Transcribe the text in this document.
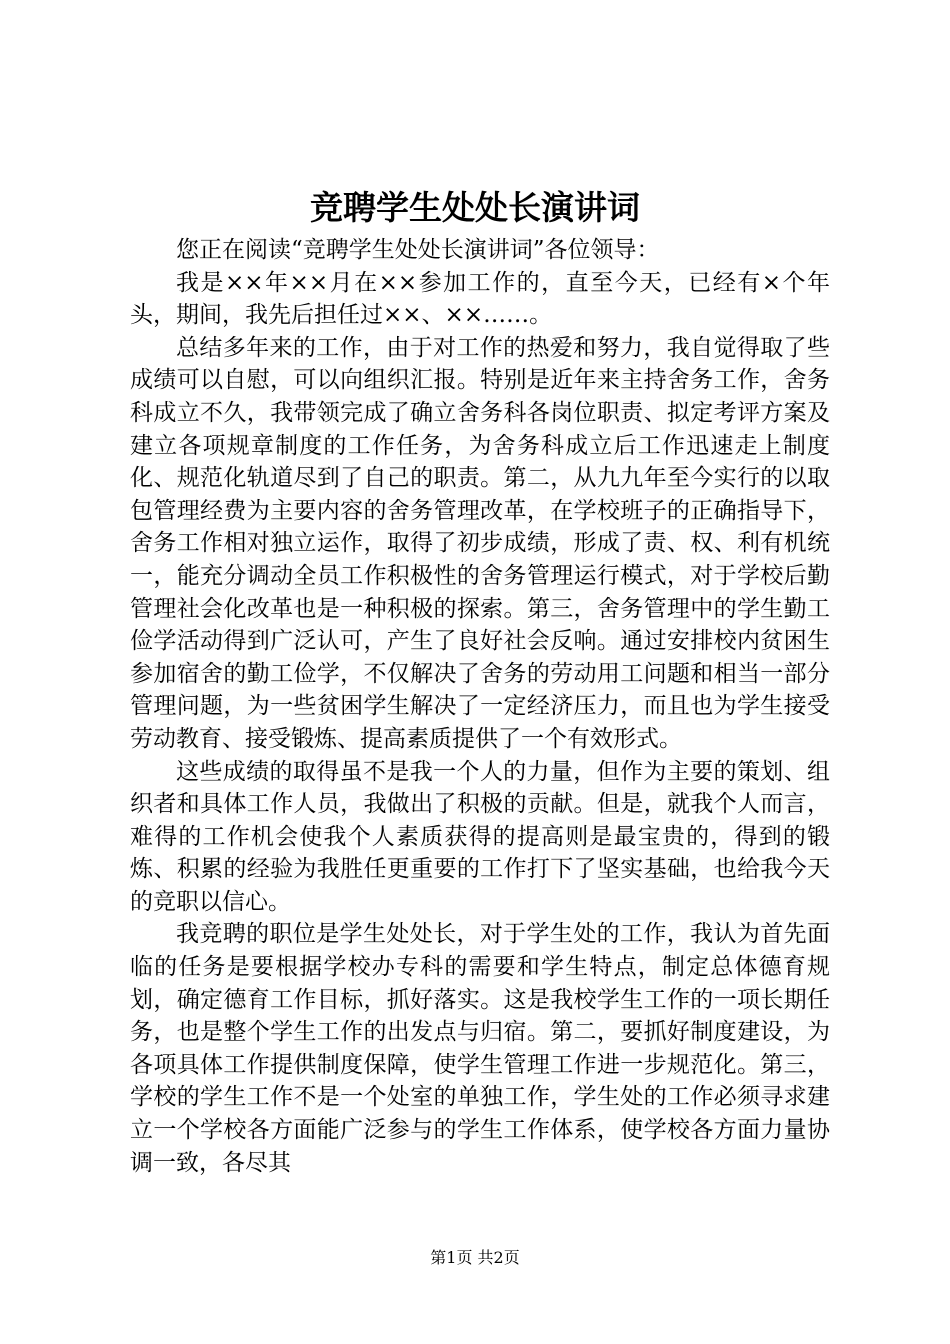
竞聘学生处处长演讲词

您正在阅读“竞聘学生处处长演讲词”各位领导：

我是××年××月在××参加工作的，直至今天，已经有×个年头，期间，我先后担任过××、××……。

总结多年来的工作，由于对工作的热爱和努力，我自觉得取了些成绩可以自慰，可以向组织汇报。特别是近年来主持舍务工作，舍务科成立不久，我带领完成了确立舍务科各岗位职责、拟定考评方案及建立各项规章制度的工作任务，为舍务科成立后工作迅速走上制度化、规范化轨道尽到了自己的职责。第二，从九九年至今实行的以取包管理经费为主要内容的舍务管理改革，在学校班子的正确指导下，舍务工作相对独立运作，取得了初步成绩，形成了责、权、利有机统一，能充分调动全员工作积极性的舍务管理运行模式，对于学校后勤管理社会化改革也是一种积极的探索。第三，舍务管理中的学生勤工俭学活动得到广泛认可，产生了良好社会反响。通过安排校内贫困生参加宿舍的勤工俭学，不仅解决了舍务的劳动用工问题和相当一部分管理问题，为一些贫困学生解决了一定经济压力，而且也为学生接受劳动教育、接受锻炼、提高素质提供了一个有效形式。

这些成绩的取得虽不是我一个人的力量，但作为主要的策划、组织者和具体工作人员，我做出了积极的贡献。但是，就我个人而言，难得的工作机会使我个人素质获得的提高则是最宝贵的，得到的锻炼、积累的经验为我胜任更重要的工作打下了坚实基础，也给我今天的竞职以信心。

我竞聘的职位是学生处处长，对于学生处的工作，我认为首先面临的任务是要根据学校办专科的需要和学生特点，制定总体德育规划，确定德育工作目标，抓好落实。这是我校学生工作的一项长期任务，也是整个学生工作的出发点与归宿。第二，要抓好制度建设，为各项具体工作提供制度保障，使学生管理工作进一步规范化。第三，学校的学生工作不是一个处室的单独工作，学生处的工作必须寻求建立一个学校各方面能广泛参与的学生工作体系，使学校各方面力量协调一致，各尽其

第1页 共2页
